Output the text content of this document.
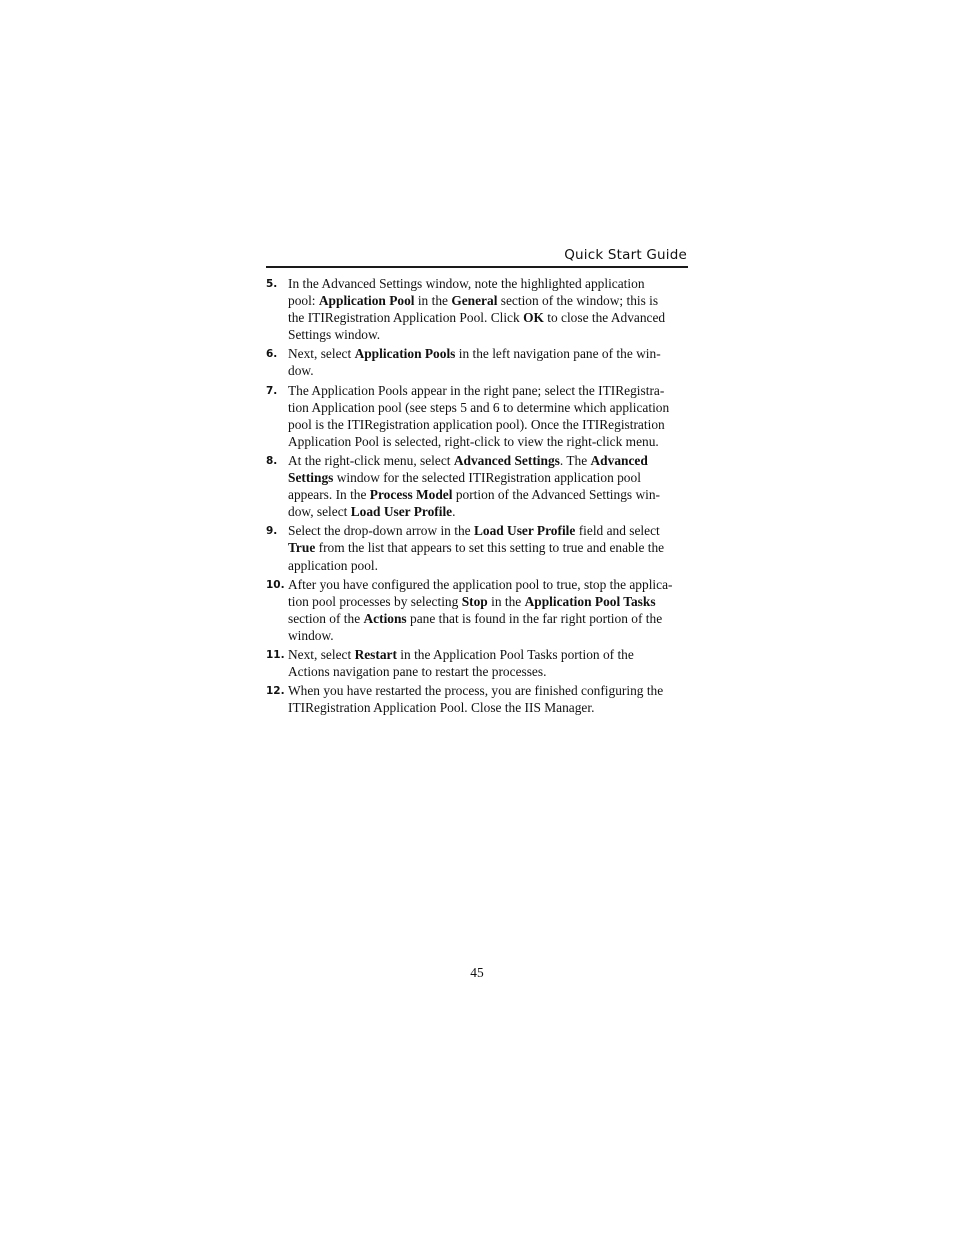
Quick Start Guide
5. In the Advanced Settings window, note the highlighted application
pool: Application Pool in the General section of the window; this is
the ITIRegistration Application Pool. Click OK to close the Advanced
Settings window.
6. Next, select Application Pools in the left navigation pane of the win-
dow.
7. The Application Pools appear in the right pane; select the ITIRegistra-
tion Application pool (see steps 5 and 6 to determine which application
pool is the ITIRegistration application pool). Once the ITIRegistration
Application Pool is selected, right-click to view the right-click menu.
8. At the right-click menu, select Advanced Settings. The Advanced
Settings window for the selected ITIRegistration application pool
appears. In the Process Model portion of the Advanced Settings win-
dow, select Load User Profile.
9. Select the drop-down arrow in the Load User Profile field and select
True from the list that appears to set this setting to true and enable the
application pool.
10. After you have configured the application pool to true, stop the applica-
tion pool processes by selecting Stop in the Application Pool Tasks
section of the Actions pane that is found in the far right portion of the
window.
11. Next, select Restart in the Application Pool Tasks portion of the
Actions navigation pane to restart the processes.
12. When you have restarted the process, you are finished configuring the
ITIRegistration Application Pool. Close the IIS Manager.
45
